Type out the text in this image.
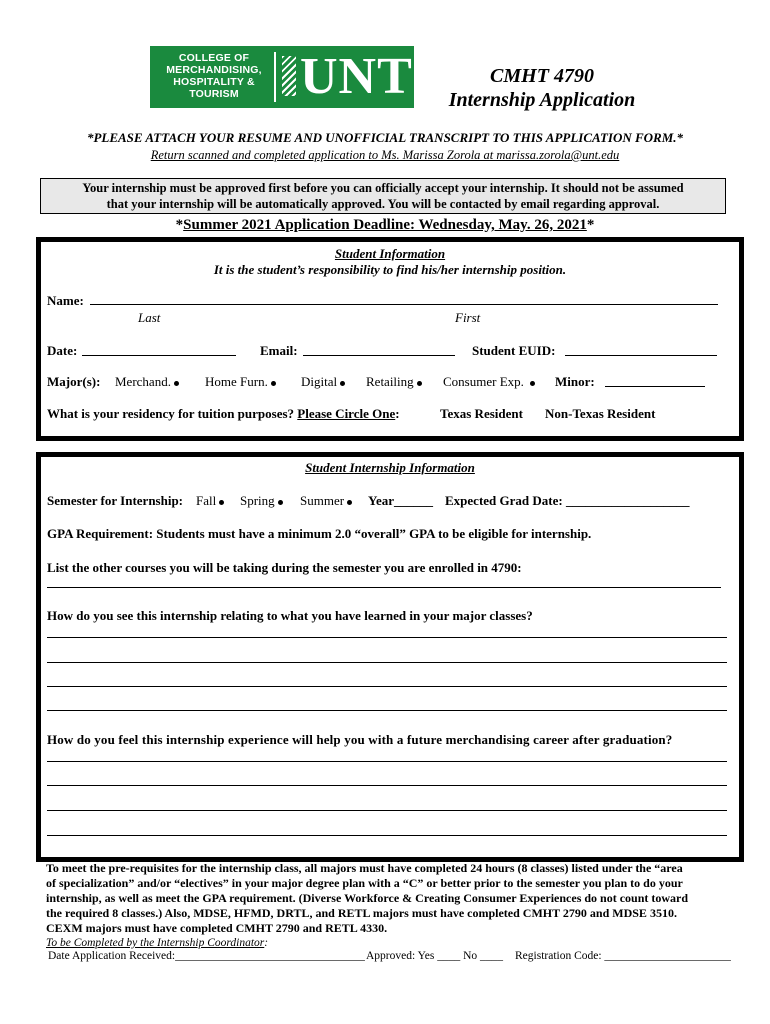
COLLEGE OF MERCHANDISING, HOSPITALITY & TOURISM	UNT	CMHT 4790
Internship Application
*PLEASE ATTACH YOUR RESUME AND UNOFFICIAL TRANSCRIPT TO THIS APPLICATION FORM.*
Return scanned and completed application to Ms. Marissa Zorola at marissa.zorola@unt.edu
Your internship must be approved first before you can officially accept your internship. It should not be assumed
that your internship will be automatically approved. You will be contacted by email regarding approval.
*Summer 2021 Application Deadline: Wednesday, May. 26, 2021*
Student Information
It is the student’s responsibility to find his/her internship position.
Name:
Last	First
Date:	Email:	Student EUID:
Major(s): Merchand.	Home Furn.	Digital	Retailing	Consumer Exp.	Minor:
What is your residency for tuition purposes? Please Circle One:	Texas Resident Non-Texas Resident
Student Internship Information
Semester for Internship: Fall	Spring	Summer	Year______ Expected Grad Date: ___________________
GPA Requirement: Students must have a minimum 2.0 “overall” GPA to be eligible for internship.
List the other courses you will be taking during the semester you are enrolled in 4790:
How do you see this internship relating to what you have learned in your major classes?
How do you feel this internship experience will help you with a future merchandising career after graduation?
To meet the pre-requisites for the internship class, all majors must have completed 24 hours (8 classes) listed under the “area
of specialization” and/or “electives” in your major degree plan with a “C” or better prior to the semester you plan to do your
internship, as well as meet the GPA requirement. (Diverse Workforce & Creating Consumer Experiences do not count toward
the required 8 classes.) Also, MDSE, HFMD, DRTL, and RETL majors must have completed CMHT 2790 and MDSE 3510.
CEXM majors must have completed CMHT 2790 and RETL 4330.
To be Completed by the Internship Coordinator:
Date Application Received:_________________________________ Approved: Yes ____ No ____ Registration Code: ______________________
